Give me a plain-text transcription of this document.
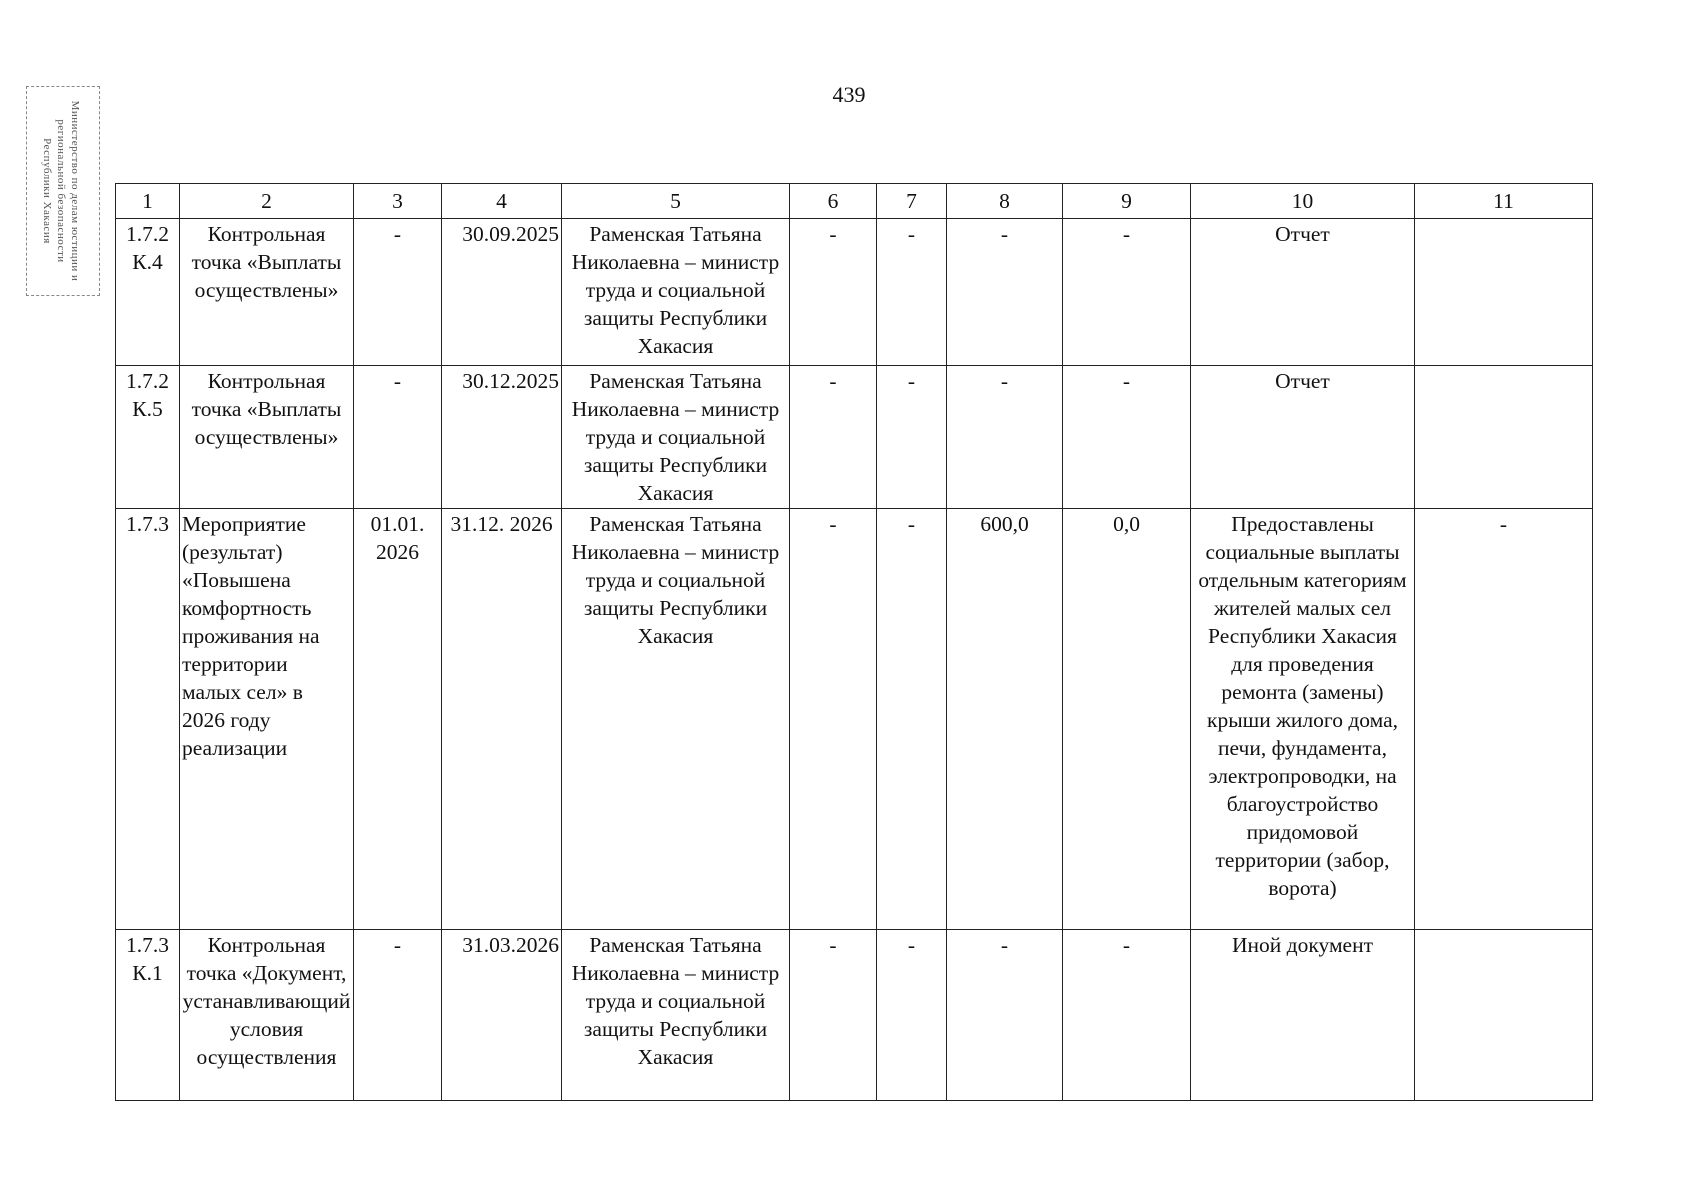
439
Министерство по делам юстиции и региональной безопасности Республики Хакасия	1	2	3	4	5	6	7	8	9	10	11
1.7.2 К.4	Контрольная точка «Выплаты осуществлены»	-	30.09.2025	Раменская Татьяна Николаевна – министр труда и социальной защиты Республики Хакасия	-	-	-	-	Отчет	
1.7.2 К.5	Контрольная точка «Выплаты осуществлены»	-	30.12.2025	Раменская Татьяна Николаевна – министр труда и социальной защиты Республики Хакасия	-	-	-	-	Отчет	
1.7.3	Мероприятие (результат) «Повышена комфортность проживания на территории малых сел» в 2026 году реализации	01.01. 2026	31.12. 2026	Раменская Татьяна Николаевна – министр труда и социальной защиты Республики Хакасия	-	-	600,0	0,0	Предоставлены социальные выплаты отдельным категориям жителей малых сел Республики Хакасия для проведения ремонта (замены) крыши жилого дома, печи, фундамента, электропроводки, на благоустройство придомовой территории (забор, ворота)	-
1.7.3 К.1	Контрольная точка «Документ, устанавливающий условия осуществления	-	31.03.2026	Раменская Татьяна Николаевна – министр труда и социальной защиты Республики Хакасия	-	-	-	-	Иной документ	
